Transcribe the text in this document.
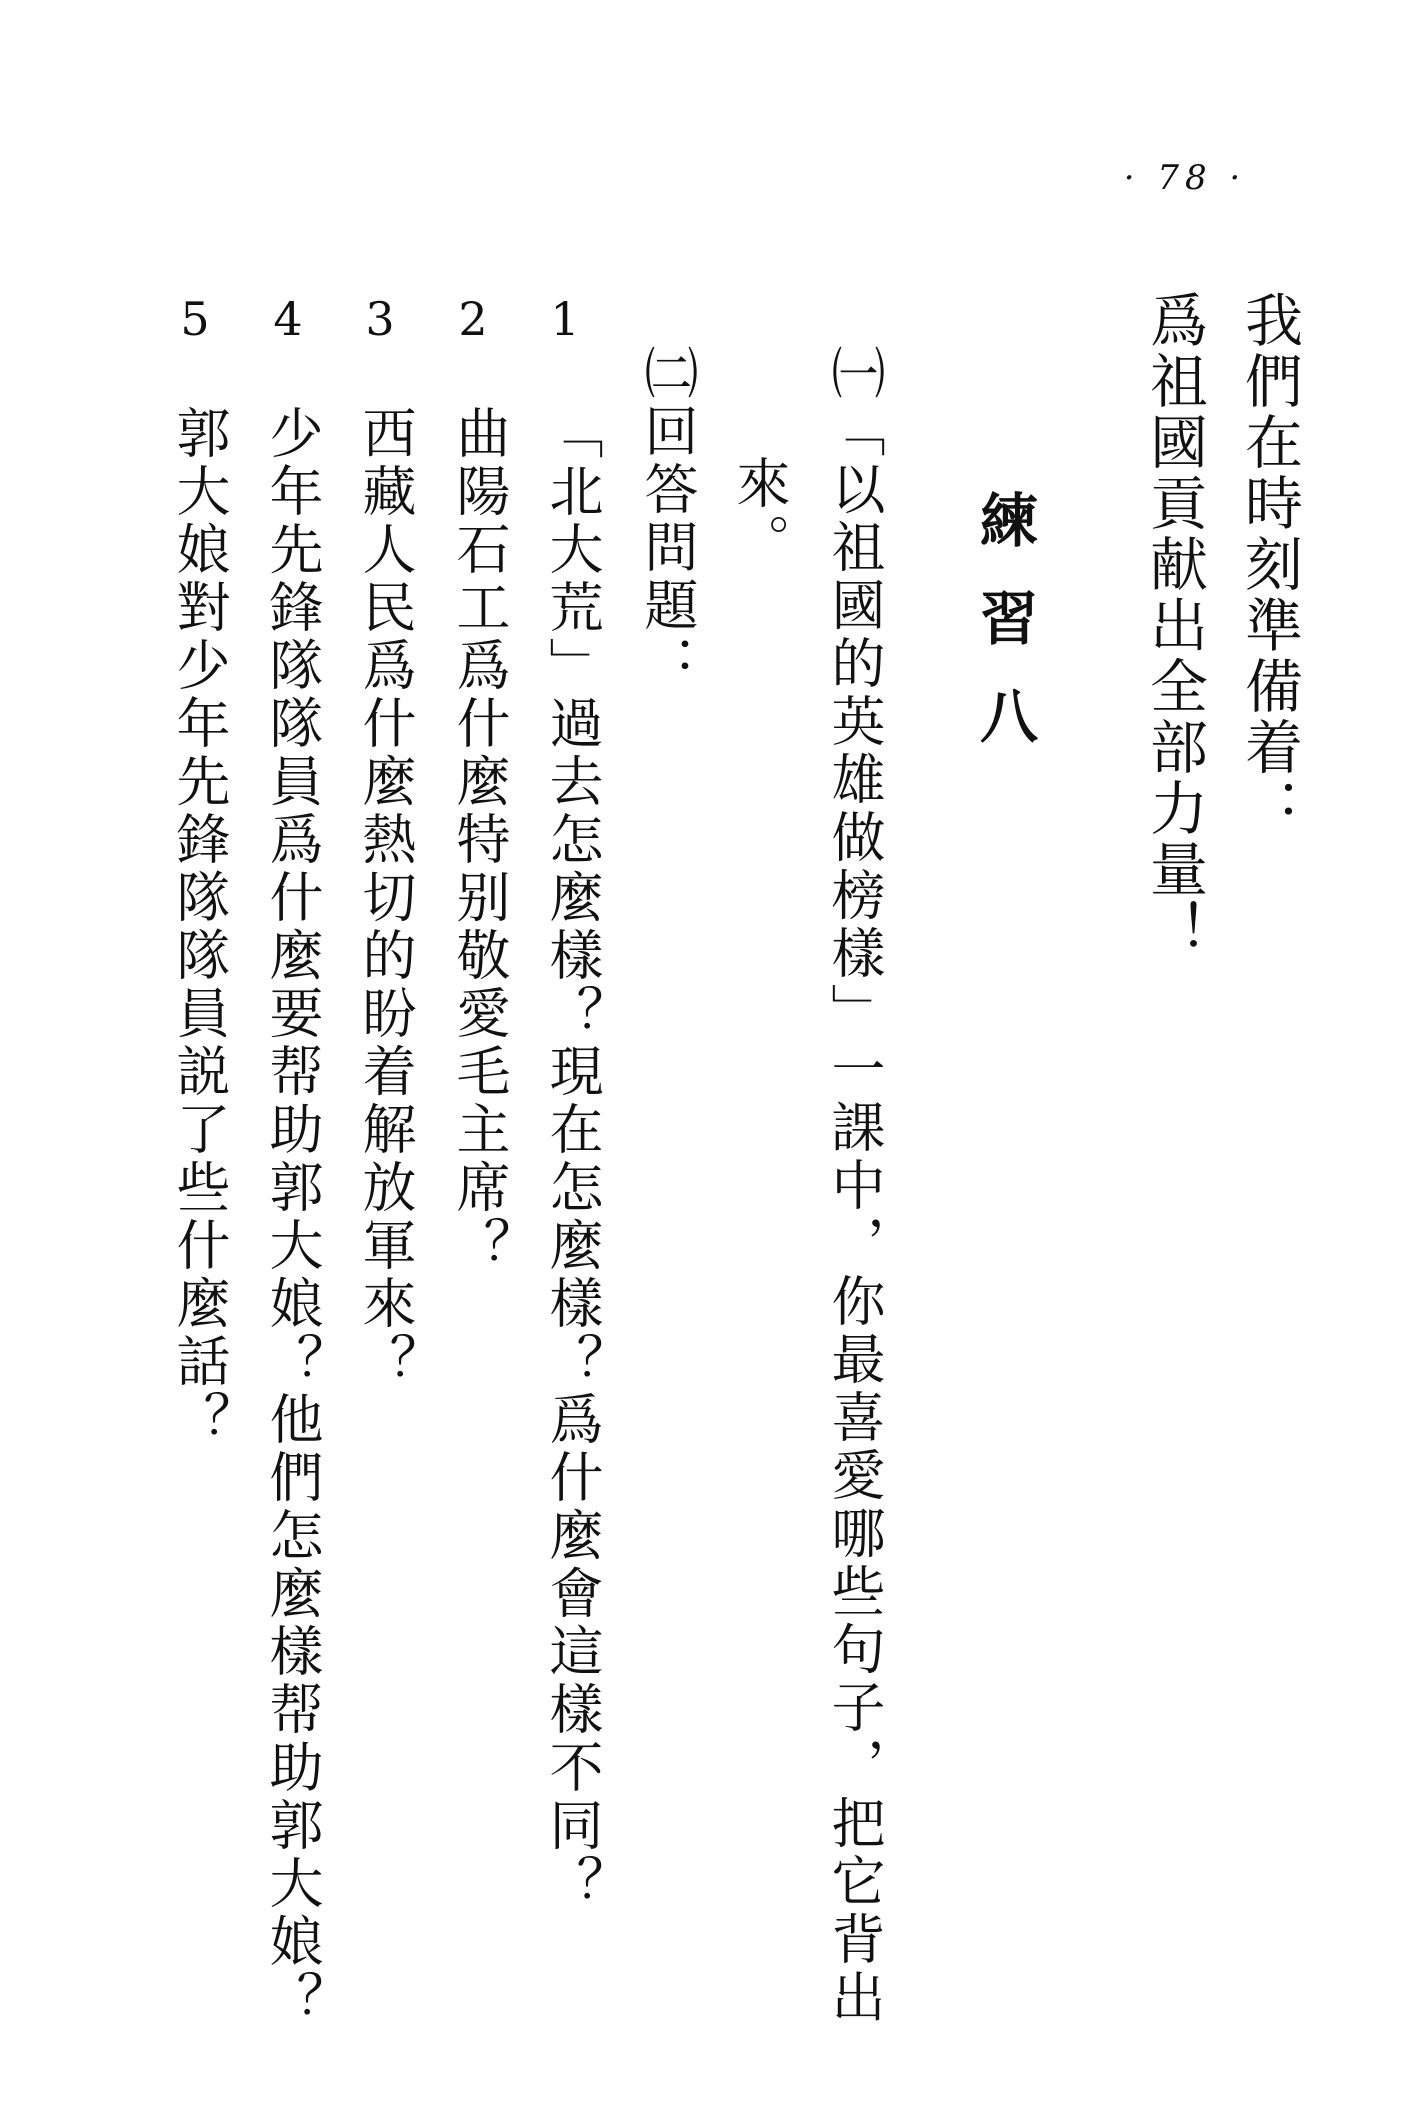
· 78 ·
我們在時刻準備着：
爲祖國貢献出全部力量！
練習八
㈠「以祖國的英雄做榜樣」一課中，你最喜愛哪些句子，把它背出
來。
㈡回答問題：
1
「北大荒」過去怎麼樣？現在怎麼樣？爲什麼會這樣不同？
2
曲陽石工爲什麼特别敬愛毛主席？
3
西藏人民爲什麼熱切的盼着解放軍來？
4
少年先鋒隊隊員爲什麼要帮助郭大娘？他們怎麼樣帮助郭大娘？
5
郭大娘對少年先鋒隊隊員説了些什麼話？
